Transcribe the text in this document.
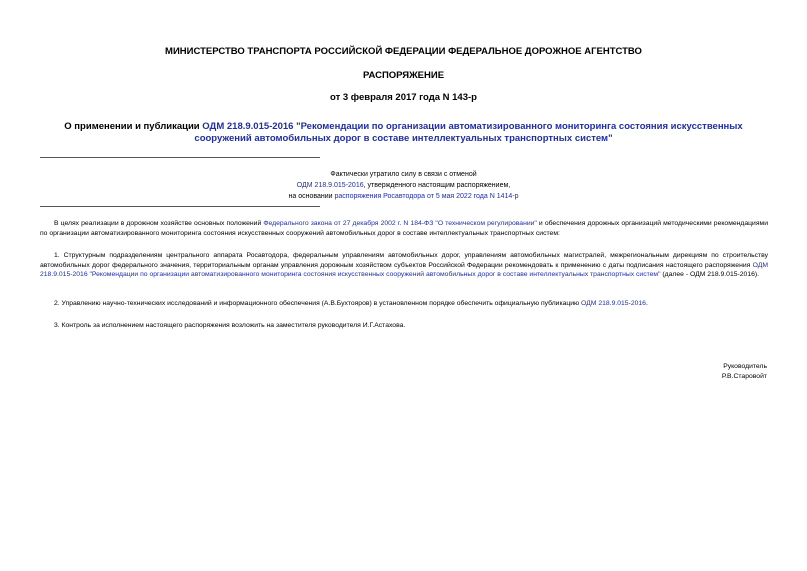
МИНИСТЕРСТВО ТРАНСПОРТА РОССИЙСКОЙ ФЕДЕРАЦИИ ФЕДЕРАЛЬНОЕ ДОРОЖНОЕ АГЕНТСТВО
РАСПОРЯЖЕНИЕ
от 3 февраля 2017 года N 143-р
О применении и публикации ОДМ 218.9.015-2016 "Рекомендации по организации автоматизированного мониторинга состояния искусственных сооружений автомобильных дорог в составе интеллектуальных транспортных систем"
Фактически утратило силу в связи с отменой
ОДМ 218.9.015-2016, утвержденного настоящим распоряжением,
на основании распоряжения Росавтодора от 5 мая 2022 года N 1414-р
В целях реализации в дорожном хозяйстве основных положений Федерального закона от 27 декабря 2002 г. N 184-ФЗ "О техническом регулировании" и обеспечения дорожных организаций методическими рекомендациями по организации автоматизированного мониторинга состояния искусственных сооружений автомобильных дорог в составе интеллектуальных транспортных систем:
1. Структурным подразделениям центрального аппарата Росавтодора, федеральным управлениям автомобильных дорог, управлениям автомобильных магистралей, межрегиональным дирекциям по строительству автомобильных дорог федерального значения, территориальным органам управления дорожным хозяйством субъектов Российской Федерации рекомендовать к применению с даты подписания настоящего распоряжения ОДМ 218.9.015-2016 "Рекомендации по организации автоматизированного мониторинга состояния искусственных сооружений автомобильных дорог в составе интеллектуальных транспортных систем" (далее - ОДМ 218.9.015-2016).
2. Управлению научно-технических исследований и информационного обеспечения (А.В.Бухтояров) в установленном порядке обеспечить официальную публикацию ОДМ 218.9.015-2016.
3. Контроль за исполнением настоящего распоряжения возложить на заместителя руководителя И.Г.Астахова.
Руководитель
Р.В.Старовойт
